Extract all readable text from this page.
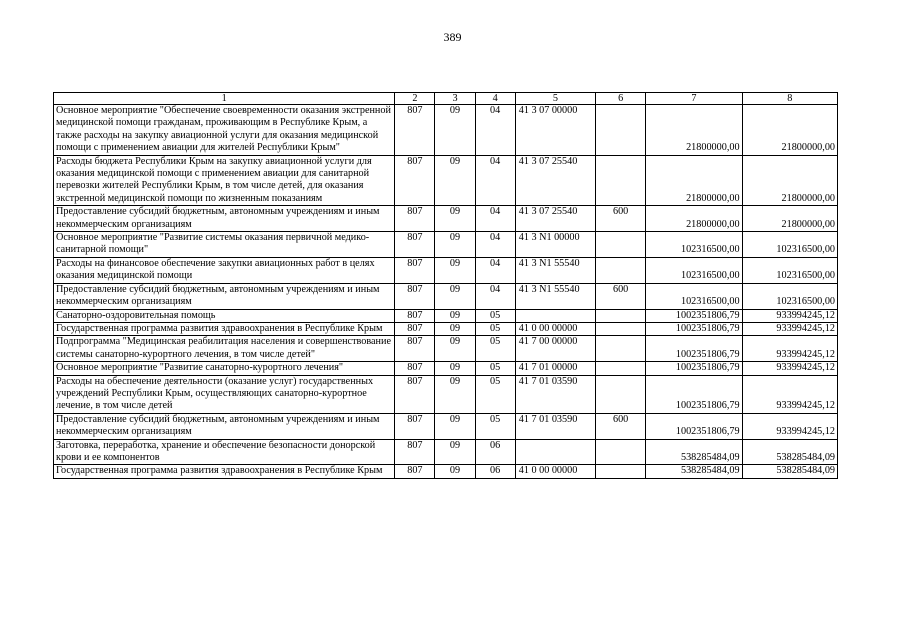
389
1	2	3	4	5	6	7	8
Основное мероприятие "Обеспечение своевременности оказания экстренной медицинской помощи гражданам, проживающим в Республике Крым, а также расходы на закупку авиационной услуги для оказания медицинской помощи с применением авиации для жителей Республики Крым"	807	09	04	41 3 07 00000		21800000,00	21800000,00
Расходы бюджета Республики Крым на закупку авиационной услуги для оказания медицинской помощи с применением авиации для санитарной перевозки жителей Республики Крым, в том числе детей, для оказания экстренной медицинской помощи по жизненным показаниям	807	09	04	41 3 07 25540		21800000,00	21800000,00
Предоставление субсидий бюджетным, автономным учреждениям и иным некоммерческим организациям	807	09	04	41 3 07 25540	600	21800000,00	21800000,00
Основное мероприятие "Развитие системы оказания первичной медико-санитарной помощи"	807	09	04	41 3 N1 00000		102316500,00	102316500,00
Расходы на финансовое обеспечение закупки авиационных работ в целях оказания медицинской помощи	807	09	04	41 3 N1 55540		102316500,00	102316500,00
Предоставление субсидий бюджетным, автономным учреждениям и иным некоммерческим организациям	807	09	04	41 3 N1 55540	600	102316500,00	102316500,00
Санаторно-оздоровительная помощь	807	09	05			1002351806,79	933994245,12
Государственная программа развития здравоохранения в Республике Крым	807	09	05	41 0 00 00000		1002351806,79	933994245,12
Подпрограмма "Медицинская реабилитация населения и совершенствование системы санаторно-курортного лечения, в том числе детей"	807	09	05	41 7 00 00000		1002351806,79	933994245,12
Основное мероприятие "Развитие санаторно-курортного лечения"	807	09	05	41 7 01 00000		1002351806,79	933994245,12
Расходы на обеспечение деятельности (оказание услуг) государственных учреждений Республики Крым, осуществляющих санаторно-курортное лечение, в том числе детей	807	09	05	41 7 01 03590		1002351806,79	933994245,12
Предоставление субсидий бюджетным, автономным учреждениям и иным некоммерческим организациям	807	09	05	41 7 01 03590	600	1002351806,79	933994245,12
Заготовка, переработка, хранение и обеспечение безопасности донорской крови и ее компонентов	807	09	06			538285484,09	538285484,09
Государственная программа развития здравоохранения в Республике Крым	807	09	06	41 0 00 00000		538285484,09	538285484,09
